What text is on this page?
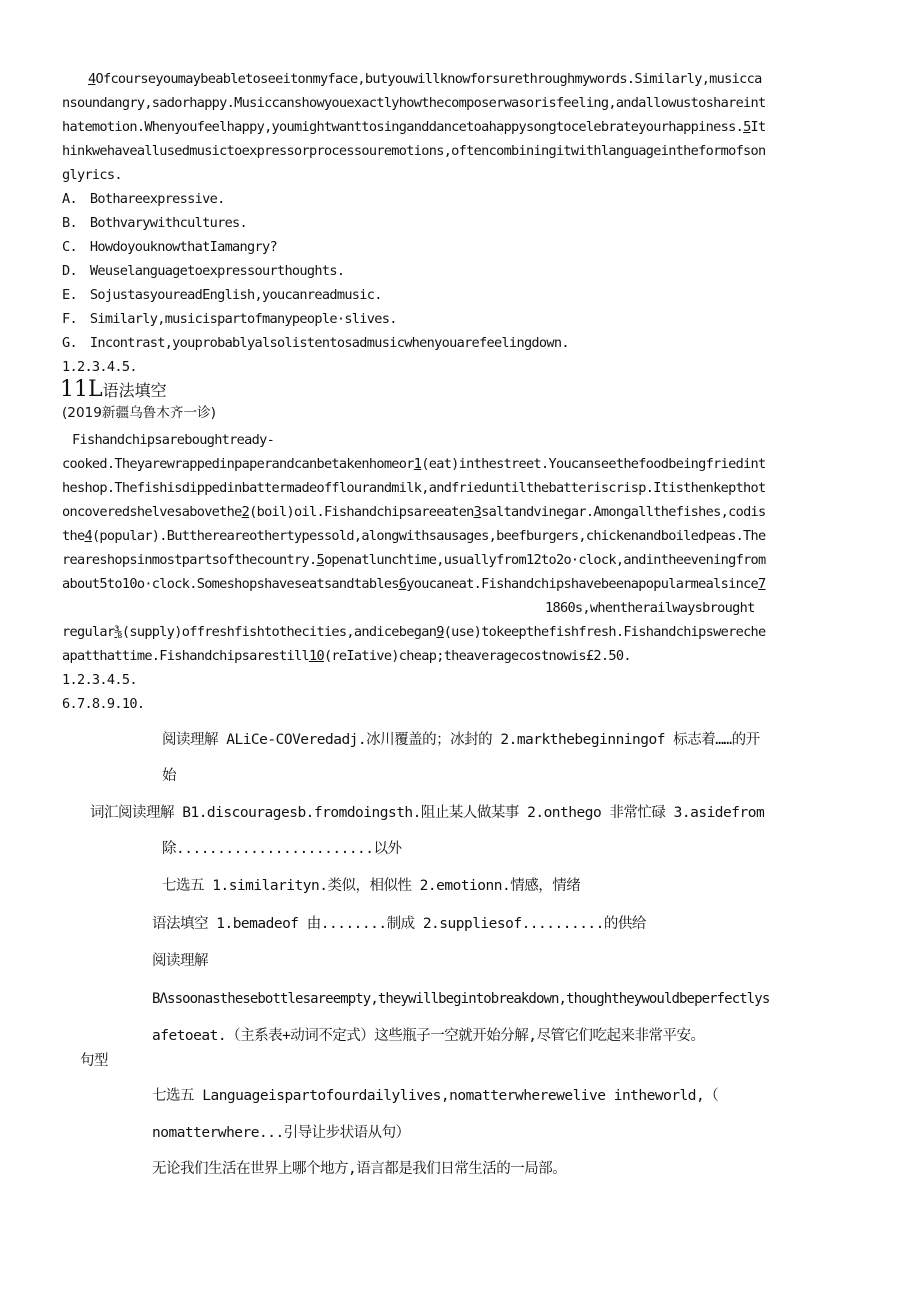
4Ofcourseyoumaybeabletoseeitonmyface,butyouwillknowforsurethroughmywords.Similarly,musicca
nsoundangry,sadorhappy.Musiccanshowyouexactlyhowthecomposerwasorisfeeling,andallowustoshareint
hatemotion.Whenyoufeelhappy,youmightwanttosinganddancetoahappysongtocelebrateyourhappiness.5It
hinkwehaveallusedmusictoexpressorprocessouremotions,oftencombiningitwithlanguageintheformofson
glyrics.
A.　Bothareexpressive.
B.　Bothvarywithcultures.
C.　HowdoyouknowthatIamangry?
D.　Weuselanguagetoexpressourthoughts.
E.　SojustasyoureadEnglish,youcanreadmusic.
F.　Similarly,musicispartofmanypeople·slives.
G.　Incontrast,youprobablyalsolistentosadmusicwhenyouarefeelingdown.
1.2.3.4.5.
11L语法填空
(2019新疆乌鲁木齐一诊)
Fishandchipsareboughtready-
cooked.Theyarewrappedinpaperandcanbetakenhomeor1(eat)inthestreet.Youcanseethefoodbeingfriedint
heshop.Thefishisdippedinbattermadeofflourandmilk,andfrieduntilthebatteriscrisp.Itisthenkepthot
oncoveredshelvesabovethe2(boil)oil.Fishandchipsareeaten3saltandvinegar.Amongallthefishes,codis
the4(popular).Butthereareothertypessold,alongwithsausages,beefburgers,chickenandboiledpeas.The
reareshopsinmostpartsofthecountry.5openatlunchtime,usuallyfrom12to2o·clock,andintheeveningfrom
about5to10o·clock.Someshopshaveseatsandtables6youcaneat.Fishandchipshavebeenapopularmealsince7
1860s,whentherailwaysbrought
regular⅜(supply)offreshfishtothecities,andicebegan9(use)tokeepthefishfresh.Fishandchipswereche
apatthattime.Fishandchipsarestill10(reIative)cheap;theaveragecostnowis£2.50.
1.2.3.4.5.
6.7.8.9.10.
阅读理解 ALiCe-COVeredadj.冰川覆盖的；冰封的 2.markthebeginningof 标志着……的开
始
词汇阅读理解 B1.discouragesb.fromdoingsth.阻止某人做某事 2.onthego 非常忙碌 3.asidefrom
除........................以外
七选五 1.similarityn.类似，相似性 2.emotionn.情感，情绪
语法填空 1.bemadeof 由........制成 2.suppliesof..........的供给
阅读理解
BΛssoonasthesebottlesareempty,theywillbegintobreakdown,thoughtheywouldbeperfectlys
afetoeat.（主系表+动词不定式）这些瓶子一空就开始分解,尽管它们吃起来非常平安。
句型
七选五 Languageispartofourdailylives,nomatterwherewelive intheworld,（
nomatterwhere...引导让步状语从句）
无论我们生活在世界上哪个地方,语言都是我们日常生活的一局部。
